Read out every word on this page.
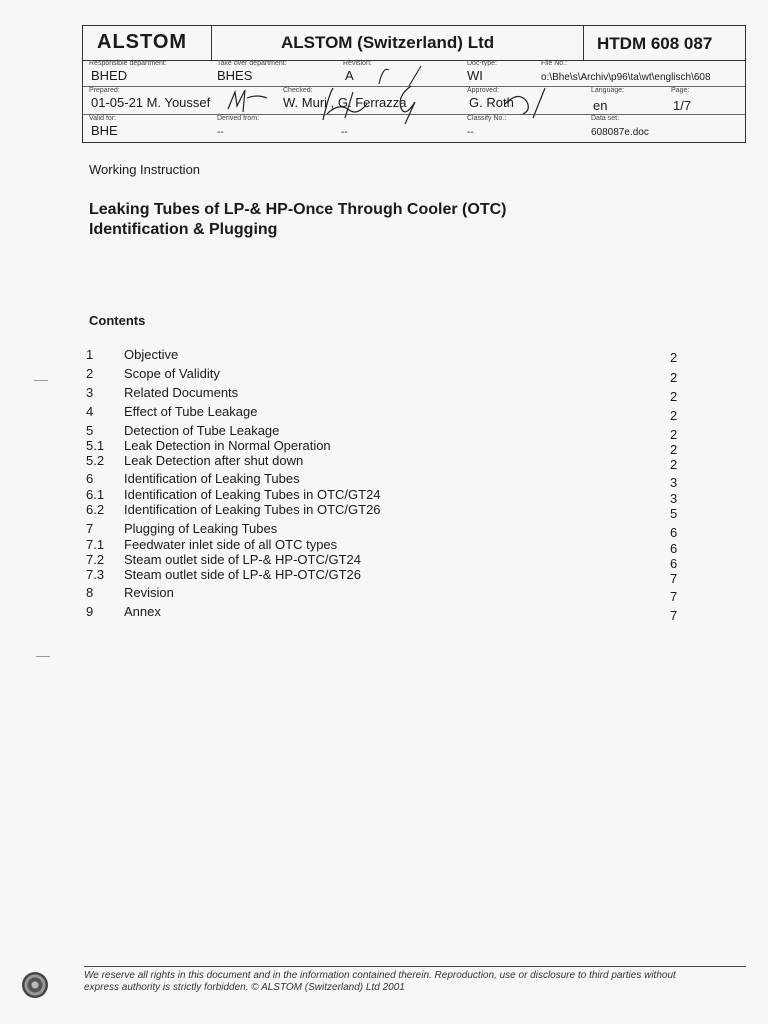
ALSTOM	ALSTOM (Switzerland) Ltd	HTDM 608 087
Responsible department:
BHED
Take over department:
BHES
Revision:
A
Doc-type:
WI
File No.:
o:\Bhe\s\Archiv\p96\ta\wt\englisch\608
Prepared:
01-05-21 M. Youssef
Checked:
W. Muri , G. Ferrazza
Approved:
G. Roth
Language:
en
Page:
1/7
Valid for:
BHE
Derived from:
--	--
Classify No.:
--
Data set:
608087e.doc
Working Instruction
Leaking Tubes of LP-& HP-Once Through Cooler (OTC)
Identification & Plugging
Contents
1 Objective	2
2 Scope of Validity	2
3 Related Documents	2
4 Effect of Tube Leakage	2
5 Detection of Tube Leakage	2
5.1 Leak Detection in Normal Operation	2
5.2 Leak Detection after shut down	2
6 Identification of Leaking Tubes	3
6.1 Identification of Leaking Tubes in OTC/GT24	3
6.2 Identification of Leaking Tubes in OTC/GT26	5
7 Plugging of Leaking Tubes	6
7.1 Feedwater inlet side of all OTC types	6
7.2 Steam outlet side of LP-& HP-OTC/GT24	6
7.3 Steam outlet side of LP-& HP-OTC/GT26	7
8 Revision	7
9 Annex	7
We reserve all rights in this document and in the information contained therein. Reproduction, use or disclosure to third parties without
express authority is strictly forbidden. © ALSTOM (Switzerland) Ltd 2001
